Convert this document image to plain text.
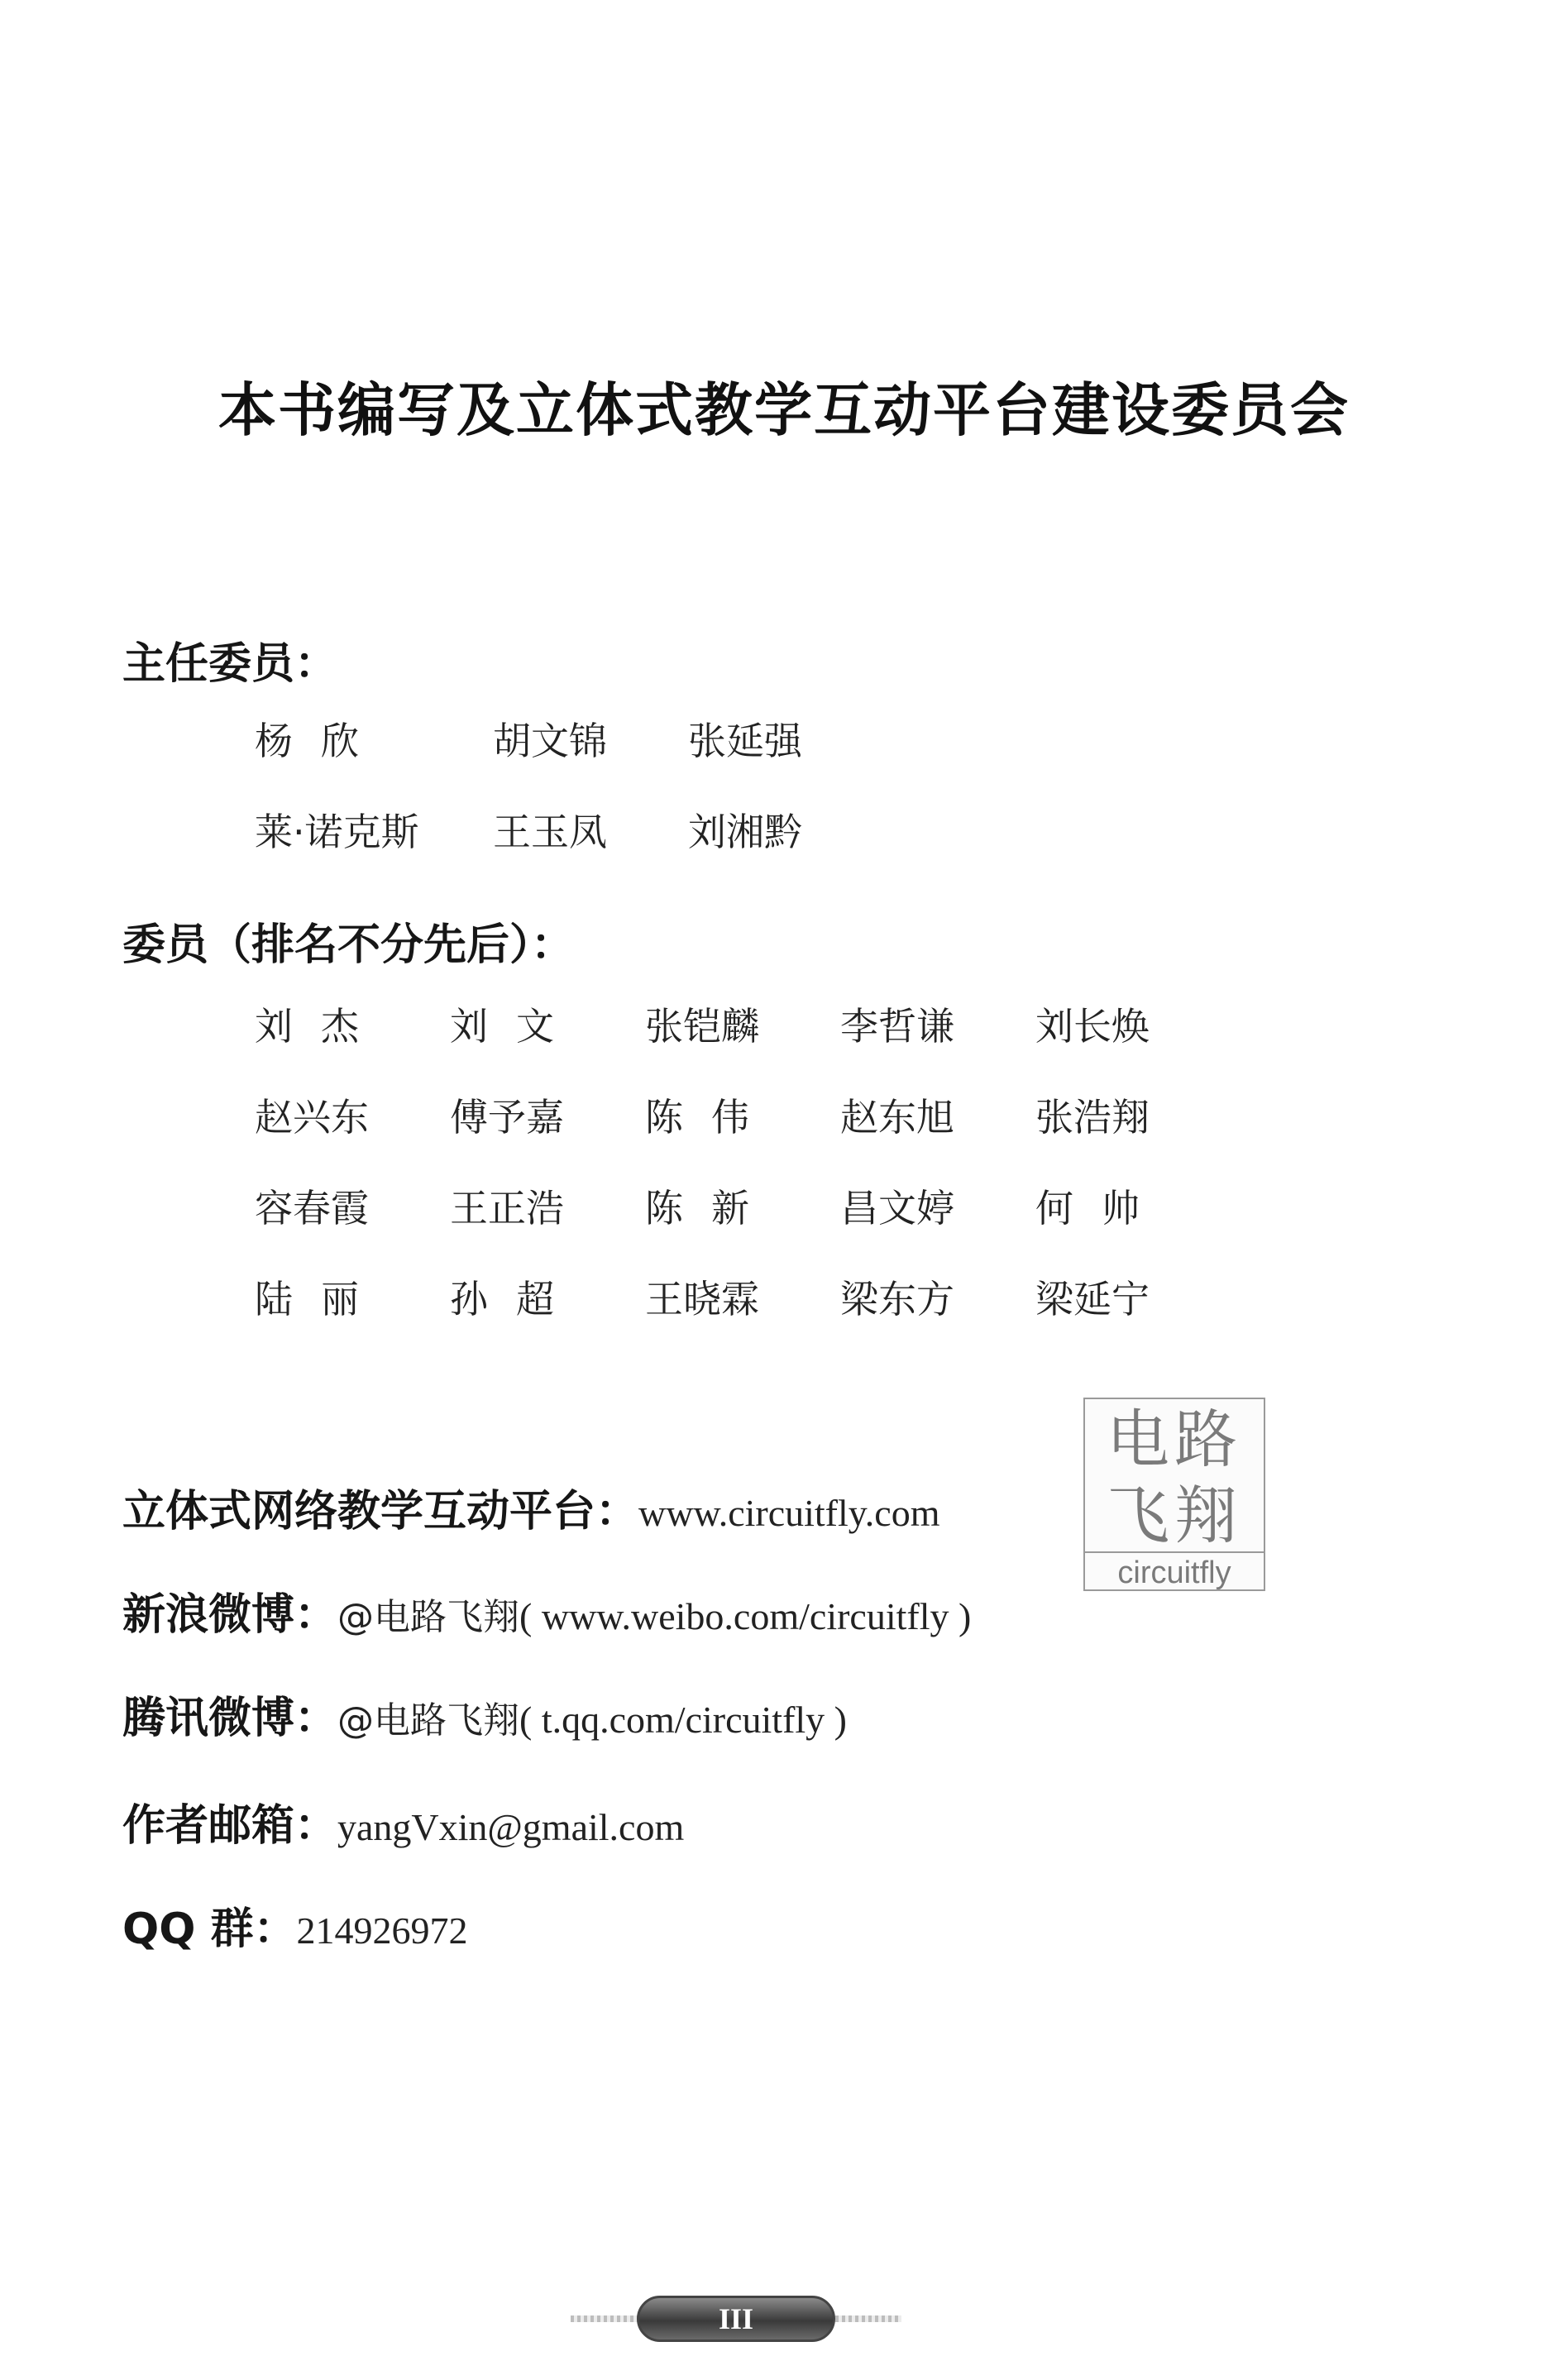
本书编写及立体式教学互动平台建设委员会
主任委员：
杨欣	胡文锦 张延强
莱·诺克斯 王玉凤 刘湘黔
委员（排名不分先后）：
刘杰 刘文 张铠麟 李哲谦 刘长焕
赵兴东 傅予嘉 陈伟 赵东旭 张浩翔
容春霞 王正浩 陈新 昌文婷 何帅
陆丽 孙超 王晓霖 梁东方 梁延宁
电路
飞翔
circuitfly
立体式网络教学互动平台：www.circuitfly.com
新浪微博：@电路飞翔( www.weibo.com/circuitfly )
腾讯微博：@电路飞翔( t.qq.com/circuitfly )
作者邮箱：yangVxin@gmail.com
QQ 群：214926972
III
